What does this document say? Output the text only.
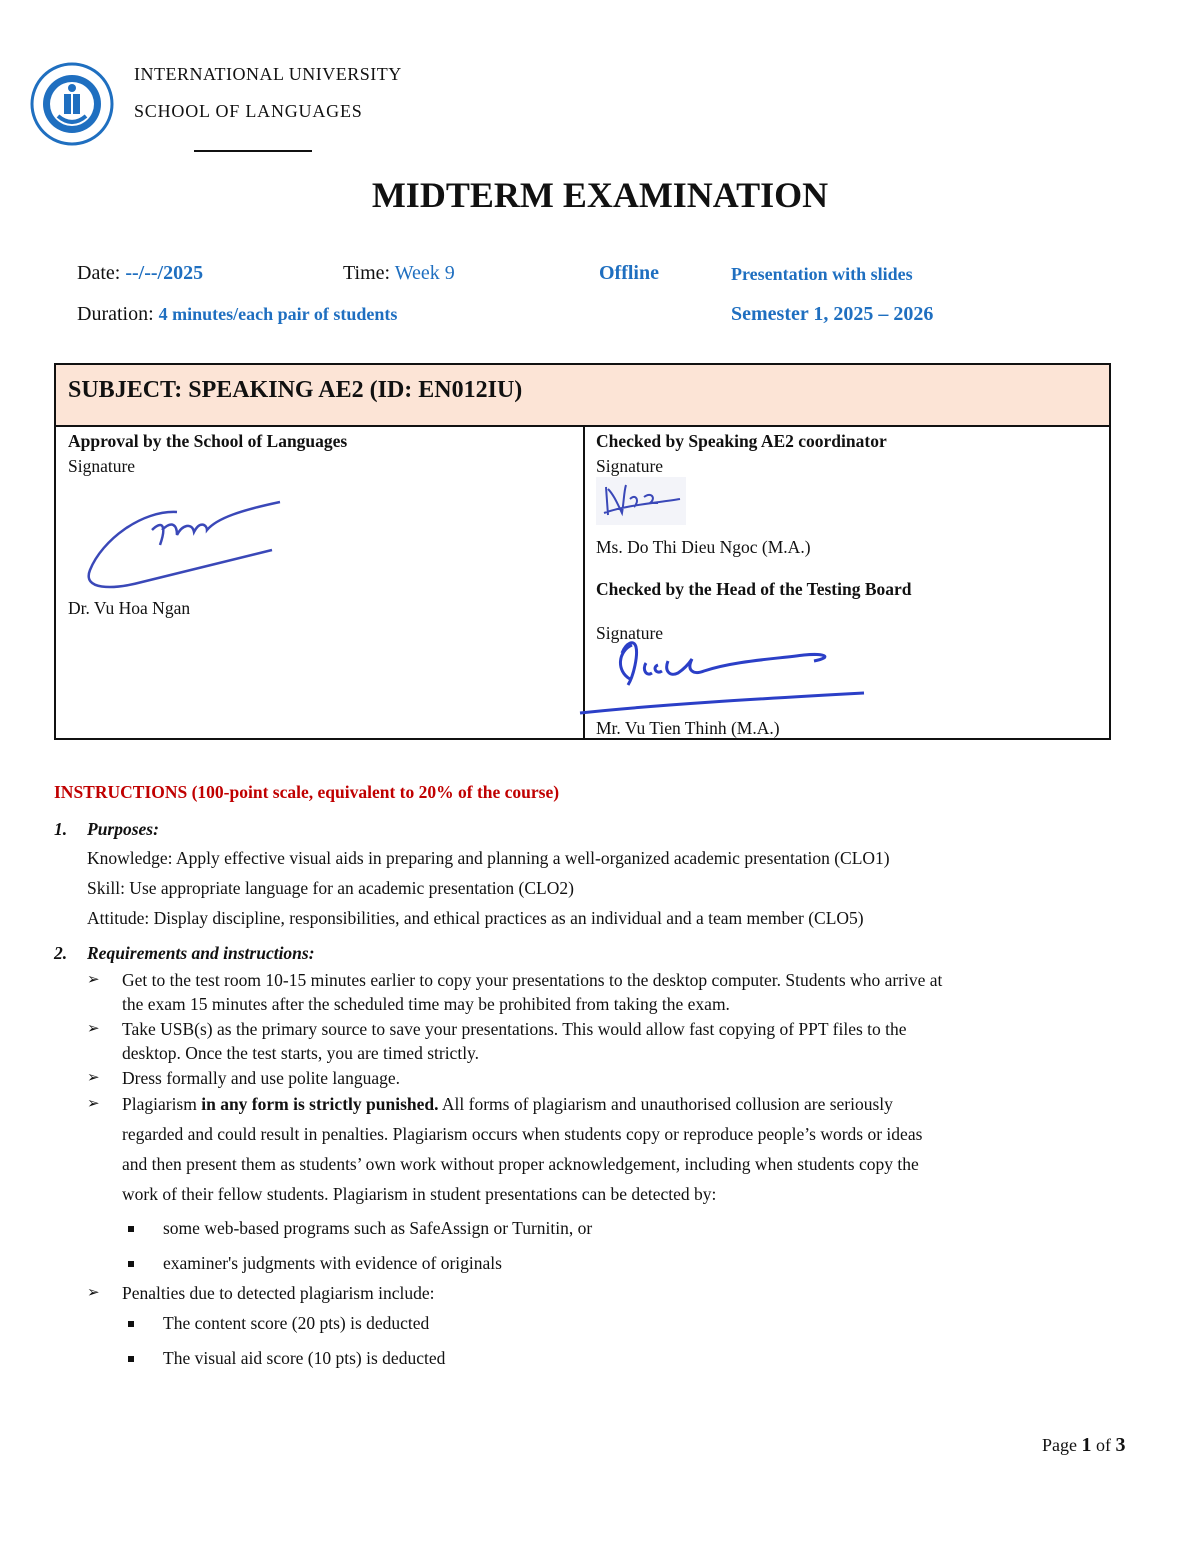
INTERNATIONAL UNIVERSITY
SCHOOL OF LANGUAGES
MIDTERM EXAMINATION
Date: --/--/2025	Time: Week 9	Offline	Presentation with slides
Duration: 4 minutes/each pair of students	Semester 1, 2025 – 2026
SUBJECT: SPEAKING AE2 (ID: EN012IU)
Approval by the School of Languages
Signature
Dr. Vu Hoa Ngan
Checked by Speaking AE2 coordinator
Signature
Ms. Do Thi Dieu Ngoc (M.A.)
Checked by the Head of the Testing Board
Signature
Mr. Vu Tien Thinh (M.A.)
INSTRUCTIONS (100-point scale, equivalent to 20% of the course)
1. Purposes:
Knowledge: Apply effective visual aids in preparing and planning a well-organized academic presentation (CLO1)
Skill: Use appropriate language for an academic presentation (CLO2)
Attitude: Display discipline, responsibilities, and ethical practices as an individual and a team member (CLO5)
2. Requirements and instructions:
➢ Get to the test room 10-15 minutes earlier to copy your presentations to the desktop computer. Students who arrive at
the exam 15 minutes after the scheduled time may be prohibited from taking the exam.
➢ Take USB(s) as the primary source to save your presentations. This would allow fast copying of PPT files to the
desktop. Once the test starts, you are timed strictly.
➢ Dress formally and use polite language.
➢ Plagiarism in any form is strictly punished. All forms of plagiarism and unauthorised collusion are seriously
regarded and could result in penalties. Plagiarism occurs when students copy or reproduce people’s words or ideas
and then present them as students’ own work without proper acknowledgement, including when students copy the
work of their fellow students. Plagiarism in student presentations can be detected by:
some web-based programs such as SafeAssign or Turnitin, or
examiner's judgments with evidence of originals
➢ Penalties due to detected plagiarism include:
The content score (20 pts) is deducted
The visual aid score (10 pts) is deducted
Page 1 of 3
